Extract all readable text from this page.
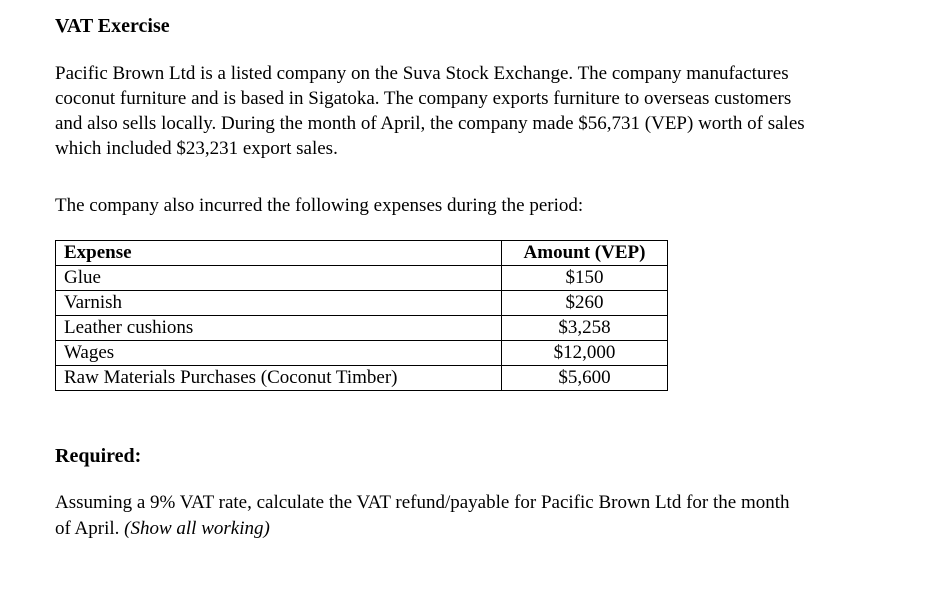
VAT Exercise
Pacific Brown Ltd is a listed company on the Suva Stock Exchange. The company manufactures
coconut furniture and is based in Sigatoka. The company exports furniture to overseas customers
and also sells locally. During the month of April, the company made $56,731 (VEP) worth of sales
which included $23,231 export sales.
The company also incurred the following expenses during the period:
Expense	Amount (VEP)
Glue	$150
Varnish	$260
Leather cushions	$3,258
Wages	$12,000
Raw Materials Purchases (Coconut Timber)	$5,600
Required:
Assuming a 9% VAT rate, calculate the VAT refund/payable for Pacific Brown Ltd for the month
of April. (Show all working)
